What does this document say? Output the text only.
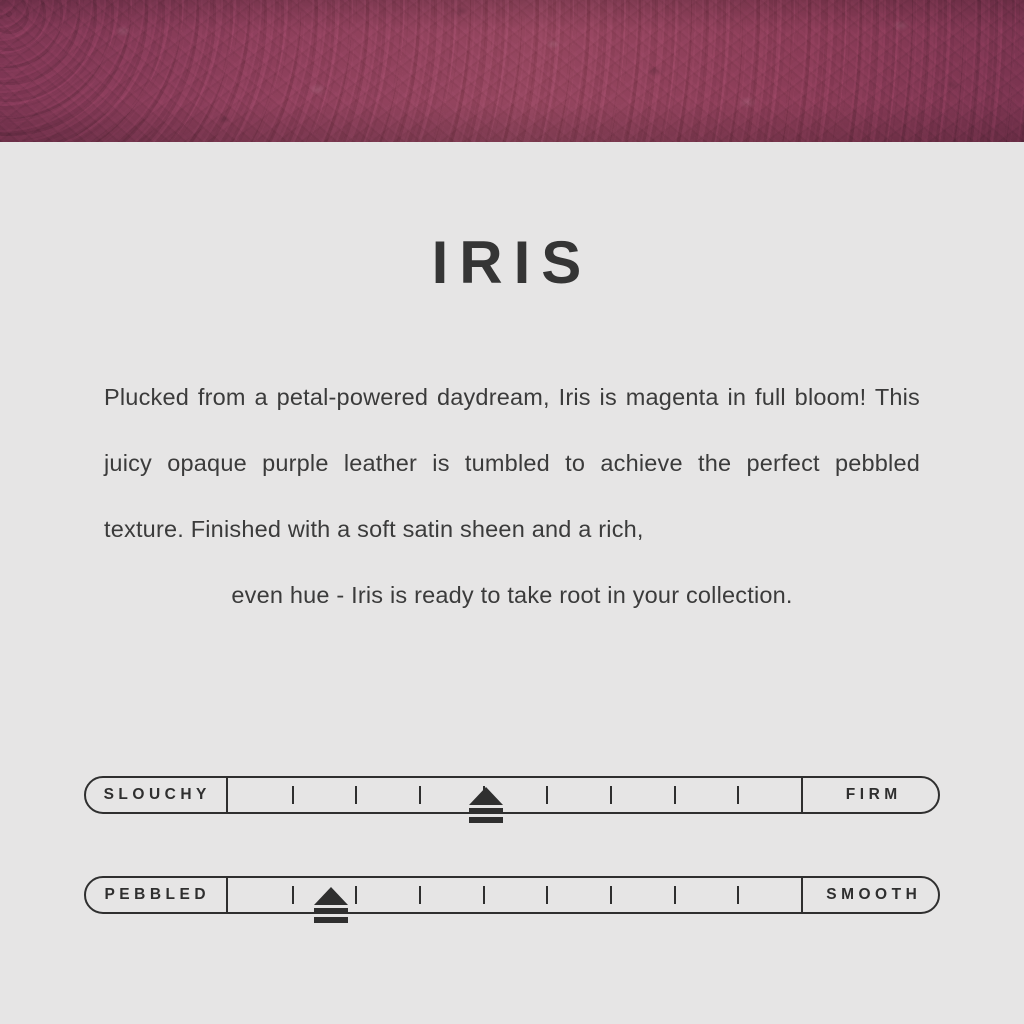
IRIS
Plucked from a petal-powered daydream, Iris is magenta in full bloom! This juicy opaque purple leather is tumbled to achieve the perfect pebbled texture. Finished with a soft satin sheen and a rich,
even hue - Iris is ready to take root in your collection.
SLOUCHY	FIRM
PEBBLED	SMOOTH
